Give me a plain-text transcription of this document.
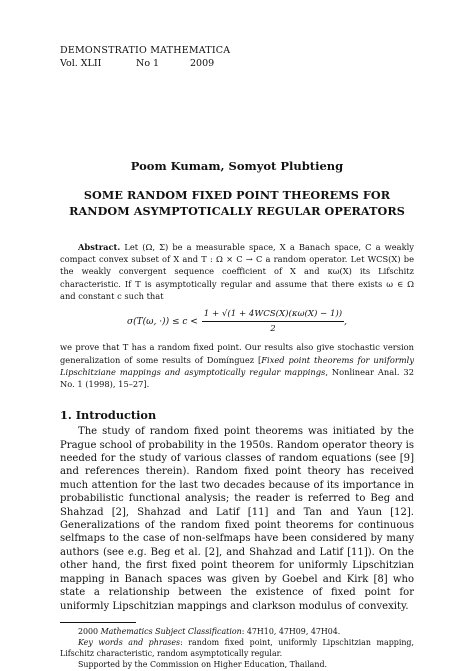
DEMONSTRATIO MATHEMATICA
Vol. XLII	No 1	2009
Poom Kumam, Somyot Plubtieng
SOME RANDOM FIXED POINT THEOREMS FOR
RANDOM ASYMPTOTICALLY REGULAR OPERATORS
Abstract. Let (Ω, Σ) be a measurable space, X a Banach space, C a weakly compact convex subset of X and T : Ω × C → C a random operator. Let WCS(X) be the weakly convergent sequence coefficient of X and κω(X) its Lifschitz characteristic. If T is asymptotically regular and assume that there exists ω ∈ Ω and constant c such that
σ(T(ω, ·)) ≤ $c < \frac{\text{1 + √(1 + 4WCS(X)(κω(X) − 1))}}{2}$ ,
we prove that T has a random fixed point. Our results also give stochastic version generalization of some results of Domínguez [Fixed point theorems for uniformly Lipschitziane mappings and asymptotically regular mappings, Nonlinear Anal. 32 No. 1 (1998), 15–27].
1. Introduction

The study of random fixed point theorems was initiated by the Prague school of probability in the 1950s. Random operator theory is needed for the study of various classes of random equations (see [9] and references therein). Random fixed point theory has received much attention for the last two decades because of its importance in probabilistic functional analysis; the reader is referred to Beg and Shahzad [2], Shahzad and Latif [11] and Tan and Yaun [12]. Generalizations of the random fixed point theorems for continuous selfmaps to the case of non-selfmaps have been considered by many authors (see e.g. Beg et al. [2], and Shahzad and Latif [11]). On the other hand, the first fixed point theorem for uniformly Lipschitzian mapping in Banach spaces was given by Goebel and Kirk [8] who state a relationship between the existence of fixed point for uniformly Lipschitzian mappings and clarkson modulus of convexity.

2000 Mathematics Subject Classification: 47H10, 47H09, 47H04.

Key words and phrases: random fixed point, uniformly Lipschitzian mapping, Lifschitz characteristic, random asymptotically regular.

Supported by the Commission on Higher Education, Thailand.
